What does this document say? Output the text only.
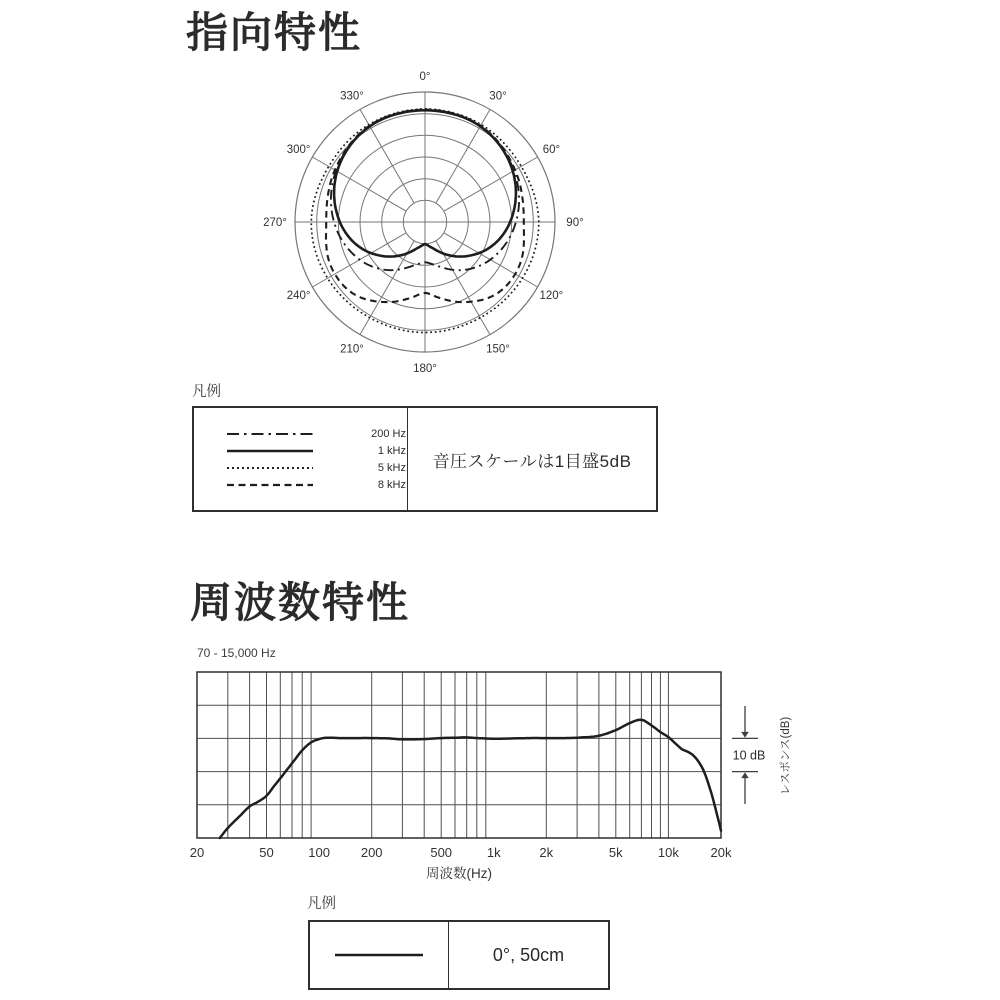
指向特性
0°
30°
60°
90°
120°
150°
180°
210°
240°
270°
300°
330°
凡例
200 Hz
1 kHz
5 kHz
8 kHz
音圧スケールは1目盛5dB
周波数特性
70 - 15,000 Hz
20	50	100 200	500	1k	2k	5k	10k 20k
周波数(Hz)
10 dB レスポンス(dB)
凡例
0°, 50cm
